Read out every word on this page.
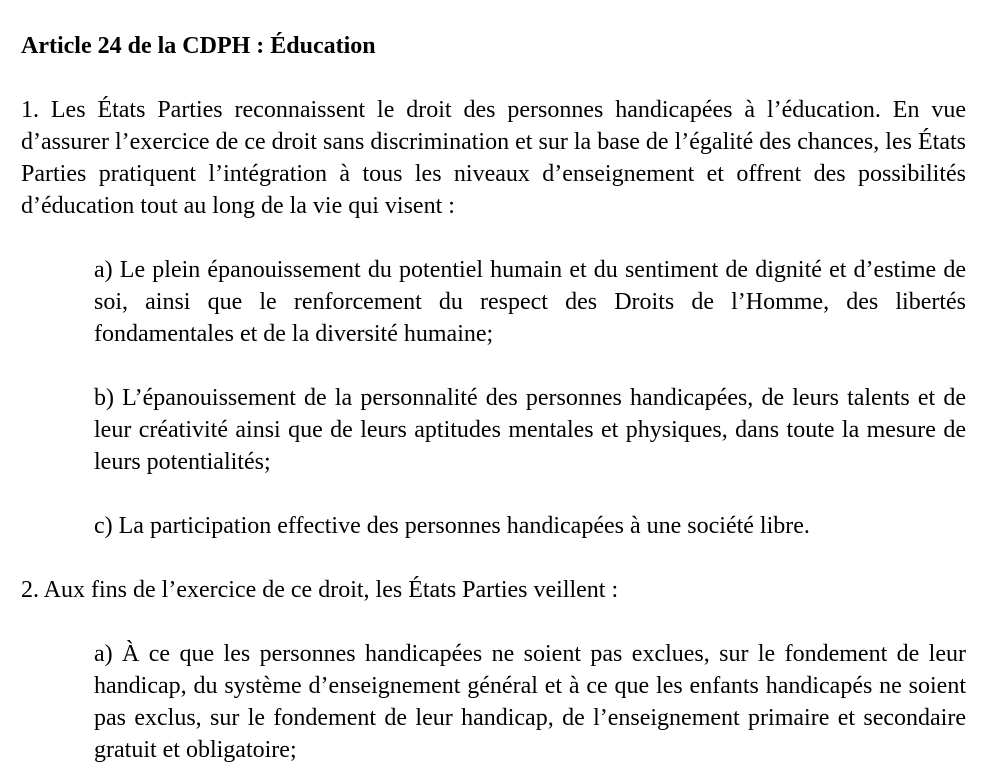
Article 24 de la CDPH : Éducation
1. Les États Parties reconnaissent le droit des personnes handicapées à l’éducation. En vue d’assurer l’exercice de ce droit sans discrimination et sur la base de l’égalité des chances, les États Parties pratiquent l’intégration à tous les niveaux d’enseignement et offrent des possibilités d’éducation tout au long de la vie qui visent :
a) Le plein épanouissement du potentiel humain et du sentiment de dignité et d’estime de soi, ainsi que le renforcement du respect des Droits de l’Homme, des libertés fondamentales et de la diversité humaine;
b) L’épanouissement de la personnalité des personnes handicapées, de leurs talents et de leur créativité ainsi que de leurs aptitudes mentales et physiques, dans toute la mesure de leurs potentialités;
c) La participation effective des personnes handicapées à une société libre.
2. Aux fins de l’exercice de ce droit, les États Parties veillent :
a) À ce que les personnes handicapées ne soient pas exclues, sur le fondement de leur handicap, du système d’enseignement général et à ce que les enfants handicapés ne soient pas exclus, sur le fondement de leur handicap, de l’enseignement primaire et secondaire gratuit et obligatoire;
